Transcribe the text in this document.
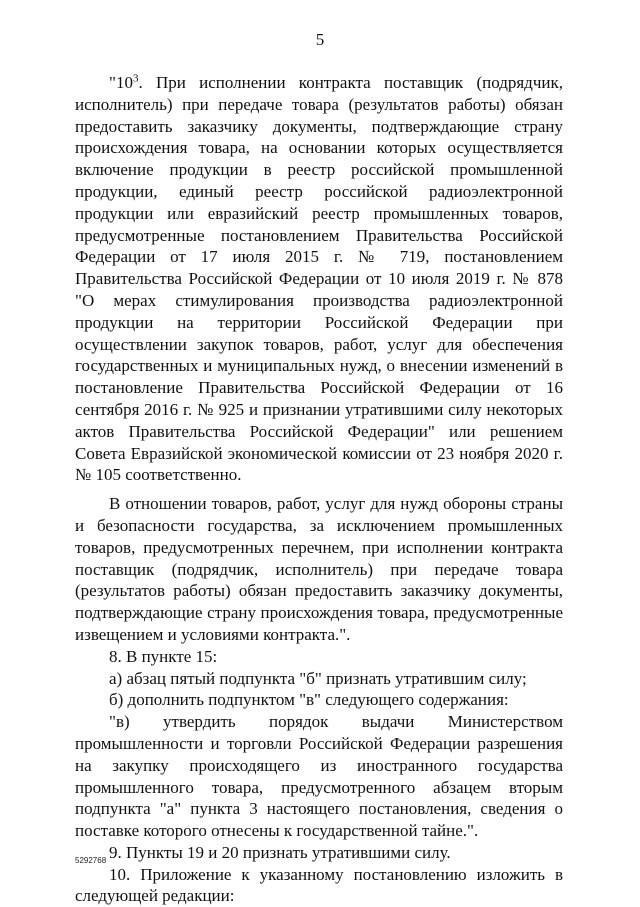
5

"$10^3$. При исполнении контракта поставщик (подрядчик, исполнитель) при передаче товара (результатов работы) обязан предоставить заказчику документы, подтверждающие страну происхождения товара, на основании которых осуществляется включение продукции в реестр российской промышленной продукции, единый реестр российской радиоэлектронной продукции или евразийский реестр промышленных товаров, предусмотренные постановлением Правительства Российской Федерации от 17 июля 2015 г. № 719, постановлением Правительства Российской Федерации от 10 июля 2019 г. № 878 "О мерах стимулирования производства радиоэлектронной продукции на территории Российской Федерации при осуществлении закупок товаров, работ, услуг для обеспечения государственных и муниципальных нужд, о внесении изменений в постановление Правительства Российской Федерации от 16 сентября 2016 г. № 925 и признании утратившими силу некоторых актов Правительства Российской Федерации" или решением Совета Евразийской экономической комиссии от 23 ноября 2020 г. № 105 соответственно.

В отношении товаров, работ, услуг для нужд обороны страны и безопасности государства, за исключением промышленных товаров, предусмотренных перечнем, при исполнении контракта поставщик (подрядчик, исполнитель) при передаче товара (результатов работы) обязан предоставить заказчику документы, подтверждающие страну происхождения товара, предусмотренные извещением и условиями контракта.".

8. В пункте 15:

а) абзац пятый подпункта "б" признать утратившим силу;

б) дополнить подпунктом "в" следующего содержания:

"в) утвердить порядок выдачи Министерством промышленности и торговли Российской Федерации разрешения на закупку происходящего из иностранного государства промышленного товара, предусмотренного абзацем вторым подпункта "а" пункта 3 настоящего постановления, сведения о поставке которого отнесены к государственной тайне.".

9. Пункты 19 и 20 признать утратившими силу.

10. Приложение к указанному постановлению изложить в следующей редакции:

5292768
